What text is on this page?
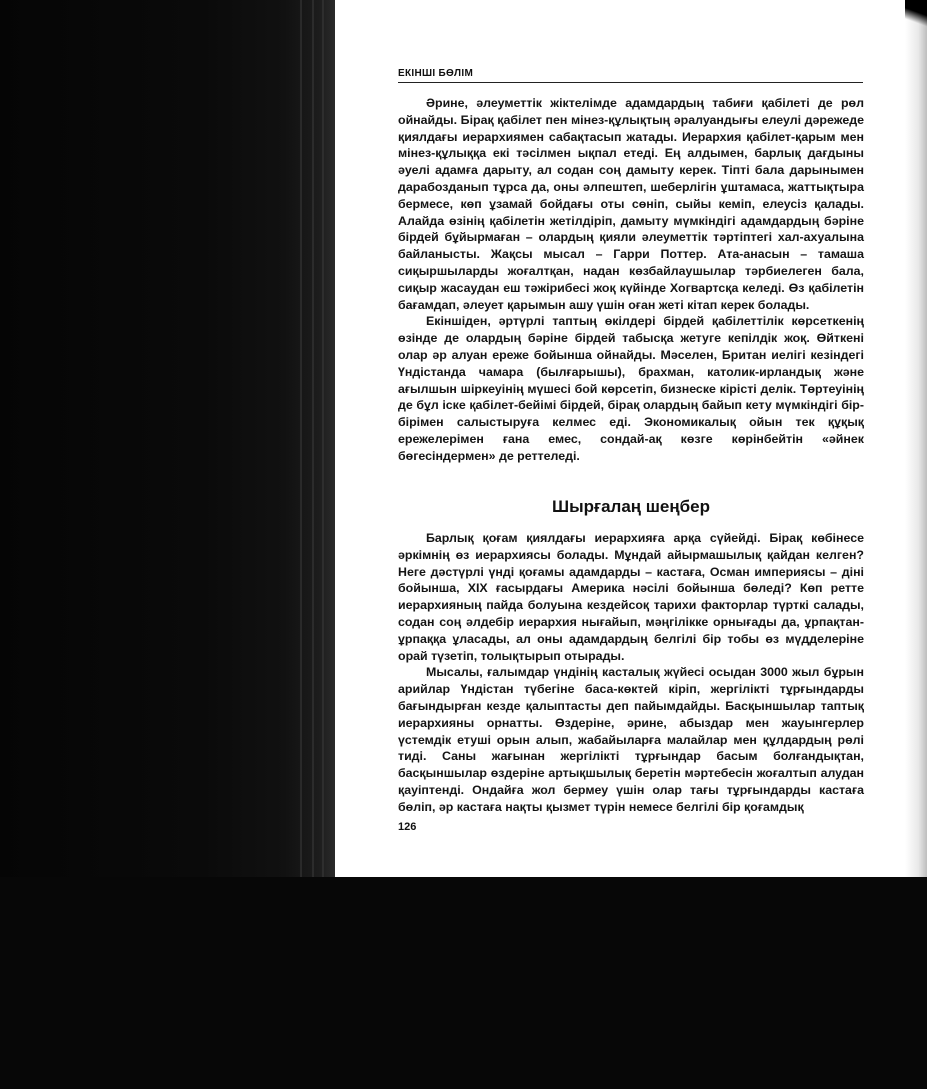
ЕКІНШІ БӨЛІМ

Әрине, әлеуметтік жіктелімде адамдардың табиғи қабілеті де рөл ойнайды. Бірақ қабілет пен мінез-құлықтың әралуандығы елеулі дәрежеде қиялдағы иерархиямен сабақтасып жатады. Иерархия қабілет-қарым мен мінез-құлыққа екі тәсілмен ықпал етеді. Ең алдымен, барлық дағдыны әуелі адамға дарыту, ал содан соң дамыту керек. Тіпті бала дарынымен дарабозданып тұрса да, оны әлпештеп, шеберлігін ұштамаса, жаттықтыра бермесе, көп ұзамай бойдағы оты сөніп, сыйы кеміп, елеусіз қалады. Алайда өзінің қабілетін жетілдіріп, дамыту мүмкіндігі адамдардың бәріне бірдей бұйырмаған – олардың қияли әлеуметтік тәртіптегі хал-ахуалына байланысты. Жақсы мысал – Гарри Поттер. Ата-анасын – тамаша сиқыршыларды жоғалтқан, надан көзбайлаушылар тәрбиелеген бала, сиқыр жасаудан еш тәжірибесі жоқ күйінде Хогвартсқа келеді. Өз қабілетін бағамдап, әлеует қарымын ашу үшін оған жеті кітап керек болады.

Екіншіден, әртүрлі таптың өкілдері бірдей қабілеттілік көрсеткенің өзінде де олардың бәріне бірдей табысқа жетуге кепілдік жоқ. Өйткені олар әр алуан ереже бойынша ойнайды. Мәселен, Британ иелігі кезіндегі Үндістанда чамара (былғарышы), брахман, католик-ирландық және ағылшын шіркеуінің мүшесі бой көрсетіп, бизнеске кірісті делік. Төртеуінің де бұл іске қабілет-бейімі бірдей, бірақ олардың байып кету мүмкіндігі бір-бірімен салыстыруға келмес еді. Экономикалық ойын тек құқық ережелерімен ғана емес, сондай-ақ көзге көрінбейтін «әйнек бөгесіндермен» де реттеледі.

Шырғалаң шеңбер

Барлық қоғам қиялдағы иерархияға арқа сүйейді. Бірақ көбінесе әркімнің өз иерархиясы болады. Мұндай айырмашылық қайдан келген? Неге дәстүрлі үнді қоғамы адамдарды – кастаға, Осман империясы – діні бойынша, XIX ғасырдағы Америка нәсілі бойынша бөледі? Көп ретте иерархияның пайда болуына кездейсоқ тарихи факторлар түрткі салады, содан соң әлдебір иерархия нығайып, мәңгілікке орнығады да, ұрпақтан-ұрпаққа ұласады, ал оны адамдардың белгілі бір тобы өз мүдделеріне орай түзетіп, толықтырып отырады.

Мысалы, ғалымдар үндінің касталық жүйесі осыдан 3000 жыл бұрын арийлар Үндістан түбегіне баса-көктей кіріп, жергілікті тұрғындарды бағындырған кезде қалыптасты деп пайымдайды. Басқыншылар таптық иерархияны орнатты. Өздеріне, әрине, абыздар мен жауынгерлер үстемдік етуші орын алып, жабайыларға малайлар мен құлдардың рөлі тиді. Саны жағынан жергілікті тұрғындар басым болғандықтан, басқыншылар өздеріне артықшылық беретін мәртебесін жоғалтып алудан қауіптенді. Ондайға жол бермеу үшін олар тағы тұрғындарды кастаға бөліп, әр кастаға нақты қызмет түрін немесе белгілі бір қоғамдық

126
